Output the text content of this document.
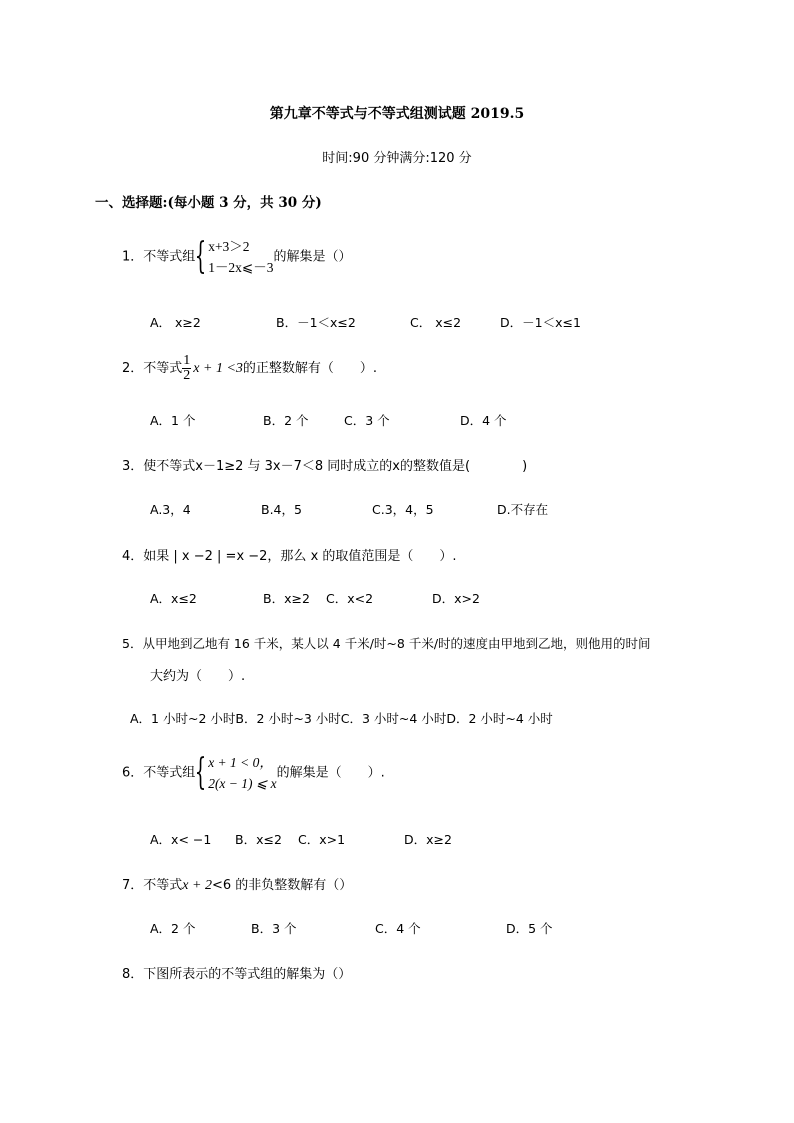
第九章不等式与不等式组测试题 2019.5
时间:90 分钟满分:120 分
一、选择题:(每小题 3 分，共 30 分)
1．不等式组{ x+3＞2
1－2x⩽－3
的解集是（）
A． x≥2	B．－1＜x≤2	C． x≤2	D．－1＜x≤1
2．不等式 $\frac{1}{2}$ x + 1 <3的正整数解有（　　）.
A．1 个	B．2 个	C．3 个	D．4 个
3．使不等式x－1≥2 与 3x－7＜8 同时成立的x的整数值是(　　　　)
A.3，4	B.4，5	C.3，4，5	D.不存在
4．如果 | x −2 | =x −2，那么 x 的取值范围是（　　）.
A．x≤2	B．x≥2 C．x<2	D．x>2
5．从甲地到乙地有 16 千米，某人以 4 千米/时~8 千米/时的速度由甲地到乙地，则他用的时间
大约为（　　）.
A．1 小时~2 小时B．2 小时~3 小时C．3 小时~4 小时D．2 小时~4 小时
6．不等式组{ x + 1 < 0，
2(x − 1) ⩽ x
的解集是（　　）.
A．x< −1 B．x≤2 C．x>1	D．x≥2
7．不等式x + 2<6 的非负整数解有（）
A．2 个	B．3 个	C．4 个	D．5 个
8．下图所表示的不等式组的解集为（）
